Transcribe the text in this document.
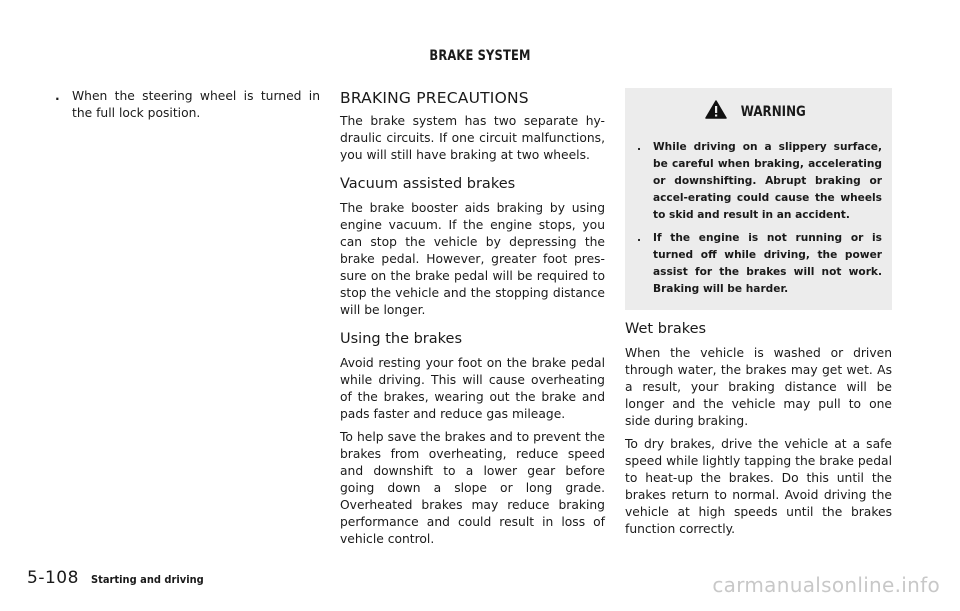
BRAKE SYSTEM
. When the steering wheel is turned in the full lock position.
BRAKING PRECAUTIONS

The brake system has two separate hy-draulic circuits. If one circuit malfunctions, you will still have braking at two wheels.

Vacuum assisted brakes

The brake booster aids braking by using engine vacuum. If the engine stops, you can stop the vehicle by depressing the brake pedal. However, greater foot pres-sure on the brake pedal will be required to stop the vehicle and the stopping distance will be longer.

Using the brakes

Avoid resting your foot on the brake pedal while driving. This will cause overheating of the brakes, wearing out the brake and pads faster and reduce gas mileage.

To help save the brakes and to prevent the brakes from overheating, reduce speed and downshift to a lower gear before going down a slope or long grade. Overheated brakes may reduce braking performance and could result in loss of vehicle control.

WARNING
. While driving on a slippery surface, be careful when braking, accelerating or downshifting. Abrupt braking or accel-erating could cause the wheels to skid and result in an accident.
. If the engine is not running or is turned off while driving, the power assist for the brakes will not work. Braking will be harder.
Wet brakes

When the vehicle is washed or driven through water, the brakes may get wet. As a result, your braking distance will be longer and the vehicle may pull to one side during braking.

To dry brakes, drive the vehicle at a safe speed while lightly tapping the brake pedal to heat-up the brakes. Do this until the brakes return to normal. Avoid driving the vehicle at high speeds until the brakes function correctly.

5-108 Starting and driving	carmanualsonline.info
